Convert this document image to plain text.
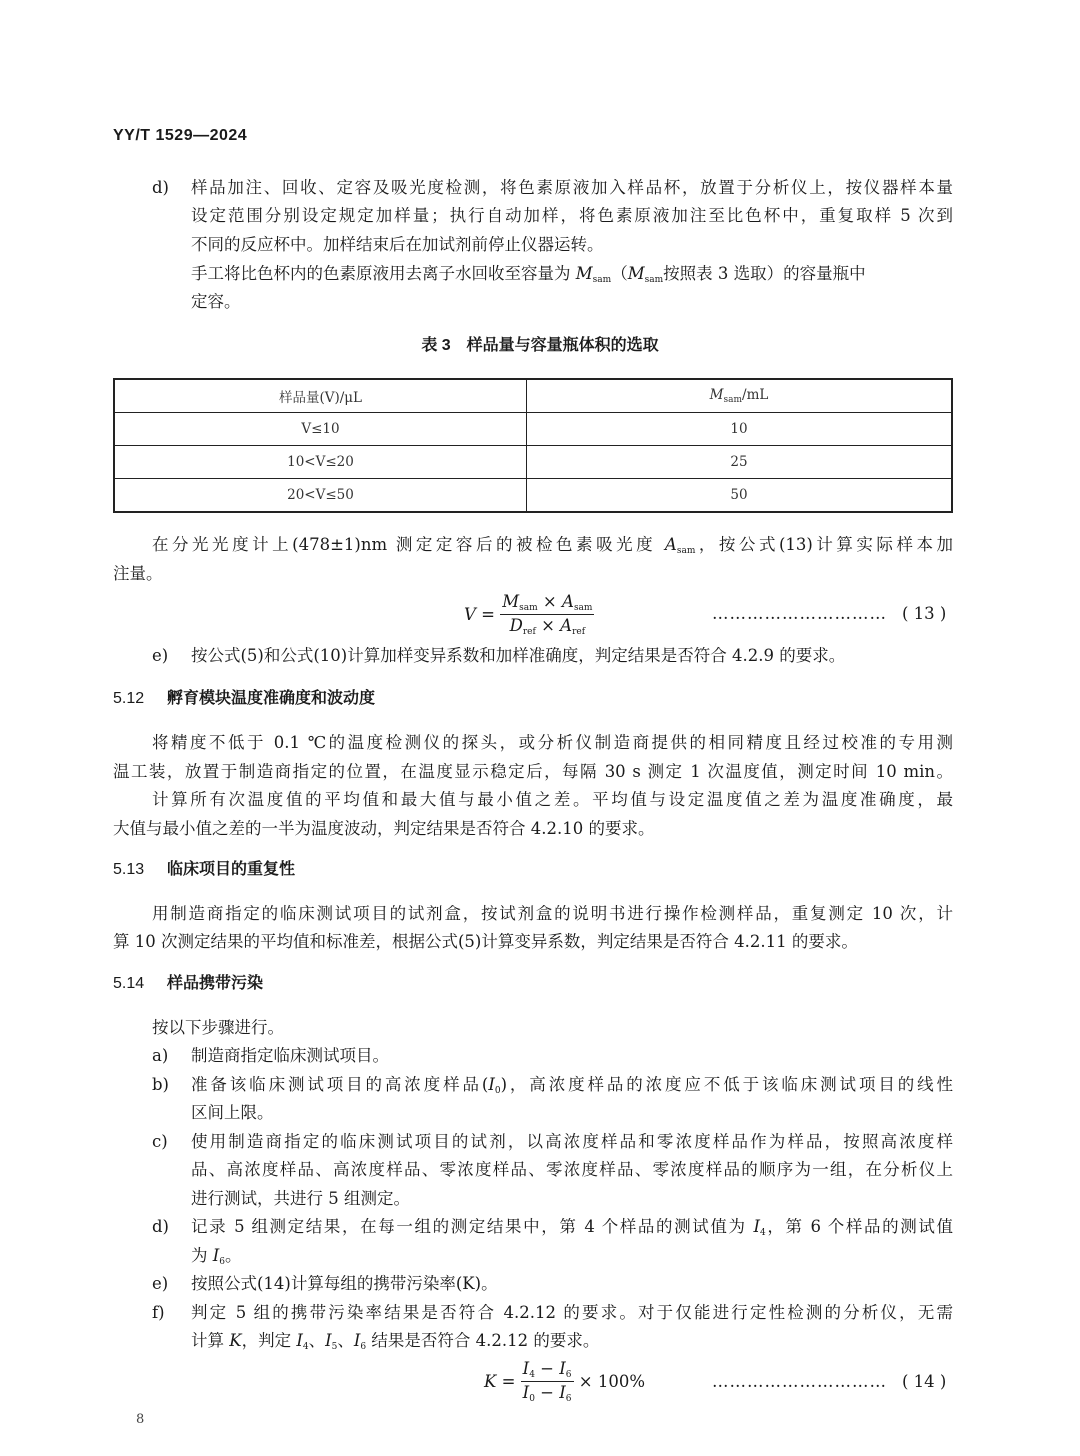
YY/T 1529—2024
d) 样品加注、回收、定容及吸光度检测，将色素原液加入样品杯，放置于分析仪上，按仪器样本量
设定范围分别设定规定加样量；执行自动加样，将色素原液加注至比色杯中，重复取样 5 次到
不同的反应杯中。加样结束后在加试剂前停止仪器运转。
手工将比色杯内的色素原液用去离子水回收至容量为 $M_{sam}(M_{sam}$按照表 3 选取）的容量瓶中
定容。
表 3　样品量与容量瓶体积的选取
样品量(V)/μL	$M_{sam}/mL$
V≤10	10
10<V≤20	25
20<V≤50	50
在分光光度计上(478±1)nm 测定定容后的被检色素吸光度 $A_{sam}$，按公式(13)计算实际样本加
注量。
$V = \frac{M_{sam} \times A_{sam}}{D_{ref} \times A_{ref}}$	………………………… ( 13 )
e) 按公式(5)和公式(10)计算加样变异系数和加样准确度，判定结果是否符合 4.2.9 的要求。
5.12 孵育模块温度准确度和波动度
将精度不低于 0.1 ℃的温度检测仪的探头，或分析仪制造商提供的相同精度且经过校准的专用测
温工装，放置于制造商指定的位置，在温度显示稳定后，每隔 30 s 测定 1 次温度值，测定时间 10 min。
计算所有次温度值的平均值和最大值与最小值之差。平均值与设定温度值之差为温度准确度，最
大值与最小值之差的一半为温度波动，判定结果是否符合 4.2.10 的要求。
5.13 临床项目的重复性
用制造商指定的临床测试项目的试剂盒，按试剂盒的说明书进行操作检测样品，重复测定 10 次，计
算 10 次测定结果的平均值和标准差，根据公式(5)计算变异系数，判定结果是否符合 4.2.11 的要求。
5.14 样品携带污染
按以下步骤进行。
a) 制造商指定临床测试项目。
b) 准备该临床测试项目的高浓度样品$(I_0)$，高浓度样品的浓度应不低于该临床测试项目的线性
区间上限。
c) 使用制造商指定的临床测试项目的试剂，以高浓度样品和零浓度样品作为样品，按照高浓度样
品、高浓度样品、高浓度样品、零浓度样品、零浓度样品、零浓度样品的顺序为一组，在分析仪上
进行测试，共进行 5 组测定。
d) 记录 5 组测定结果，在每一组的测定结果中，第 4 个样品的测试值为 $I_4$，第 6 个样品的测试值
为 $I_6$。
e) 按照公式(14)计算每组的携带污染率(K)。
f) 判定 5 组的携带污染率结果是否符合 4.2.12 的要求。对于仅能进行定性检测的分析仪，无需
计算 K，判定 $I_4$、$I_5$、$I_6$ 结果是否符合 4.2.12 的要求。
$K = \frac{I_4 - I_6}{I_0 - I_6} \times 100\%$	………………………… ( 14 )
8
